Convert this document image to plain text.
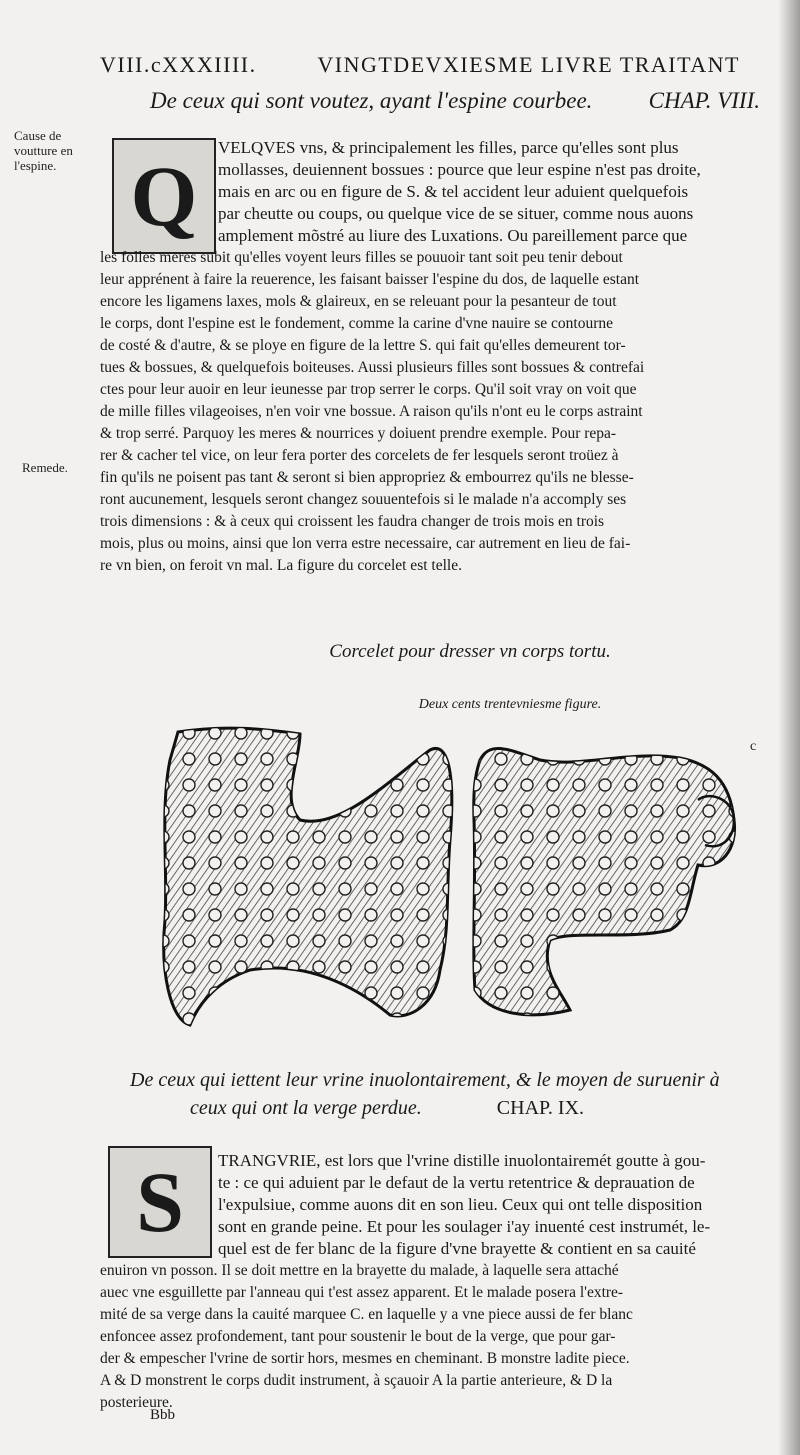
VIII.cXXXIIII.	VINGTDEVXIESME LIVRE TRAITANT
De ceux qui sont voutez, ayant l'espine courbee. CHAP. VIII.
Cause de voutture en l'espine.
Remede.
Q
VELQVES vns, & principalement les filles, parce qu'elles sont plus
mollasses, deuiennent bossues : pource que leur espine n'est pas droite,
mais en arc ou en figure de S. & tel accident leur aduient quelquefois
par cheutte ou coups, ou quelque vice de se situer, comme nous auons
amplement mõstré au liure des Luxations. Ou pareillement parce que
les folles meres subit qu'elles voyent leurs filles se pouuoir tant soit peu tenir debout
leur apprénent à faire la reuerence, les faisant baisser l'espine du dos, de laquelle estant
encore les ligamens laxes, mols & glaireux, en se releuant pour la pesanteur de tout
le corps, dont l'espine est le fondement, comme la carine d'vne nauire se contourne
de costé & d'autre, & se ploye en figure de la lettre S. qui fait qu'elles demeurent tor-
tues & bossues, & quelquefois boiteuses. Aussi plusieurs filles sont bossues & contrefai
ctes pour leur auoir en leur ieunesse par trop serrer le corps. Qu'il soit vray on voit que
de mille filles vilageoises, n'en voir vne bossue. A raison qu'ils n'ont eu le corps astraint
& trop serré. Parquoy les meres & nourrices y doiuent prendre exemple. Pour repa-
rer & cacher tel vice, on leur fera porter des corcelets de fer lesquels seront troüez à
fin qu'ils ne poisent pas tant & seront si bien appropriez & embourrez qu'ils ne blesse-
ront aucunement, lesquels seront changez souuentefois si le malade n'a accomply ses
trois dimensions : & à ceux qui croissent les faudra changer de trois mois en trois
mois, plus ou moins, ainsi que lon verra estre necessaire, car autrement en lieu de fai-
re vn bien, on feroit vn mal. La figure du corcelet est telle.
Corcelet pour dresser vn corps tortu.
Deux cents trentevniesme figure.
c
De ceux qui iettent leur vrine inuolontairement, & le moyen de suruenir à
ceux qui ont la verge perdue.	CHAP. IX.
S	TRANGVRIE, est lors que l'vrine distille inuolontairemét goutte à gou-
te : ce qui aduient par le defaut de la vertu retentrice & deprauation de
l'expulsiue, comme auons dit en son lieu. Ceux qui ont telle disposition
sont en grande peine. Et pour les soulager i'ay inuenté cest instrumét, le-
quel est de fer blanc de la figure d'vne brayette & contient en sa cauité
enuiron vn posson. Il se doit mettre en la brayette du malade, à laquelle sera attaché
auec vne esguillette par l'anneau qui t'est assez apparent. Et le malade posera l'extre-
mité de sa verge dans la cauité marquee C. en laquelle y a vne piece aussi de fer blanc
enfoncee assez profondement, tant pour soustenir le bout de la verge, que pour gar-
der & empescher l'vrine de sortir hors, mesmes en cheminant. B monstre ladite piece.
A & D monstrent le corps dudit instrument, à sçauoir A la partie anterieure, & D la
posterieure.
Bbb
